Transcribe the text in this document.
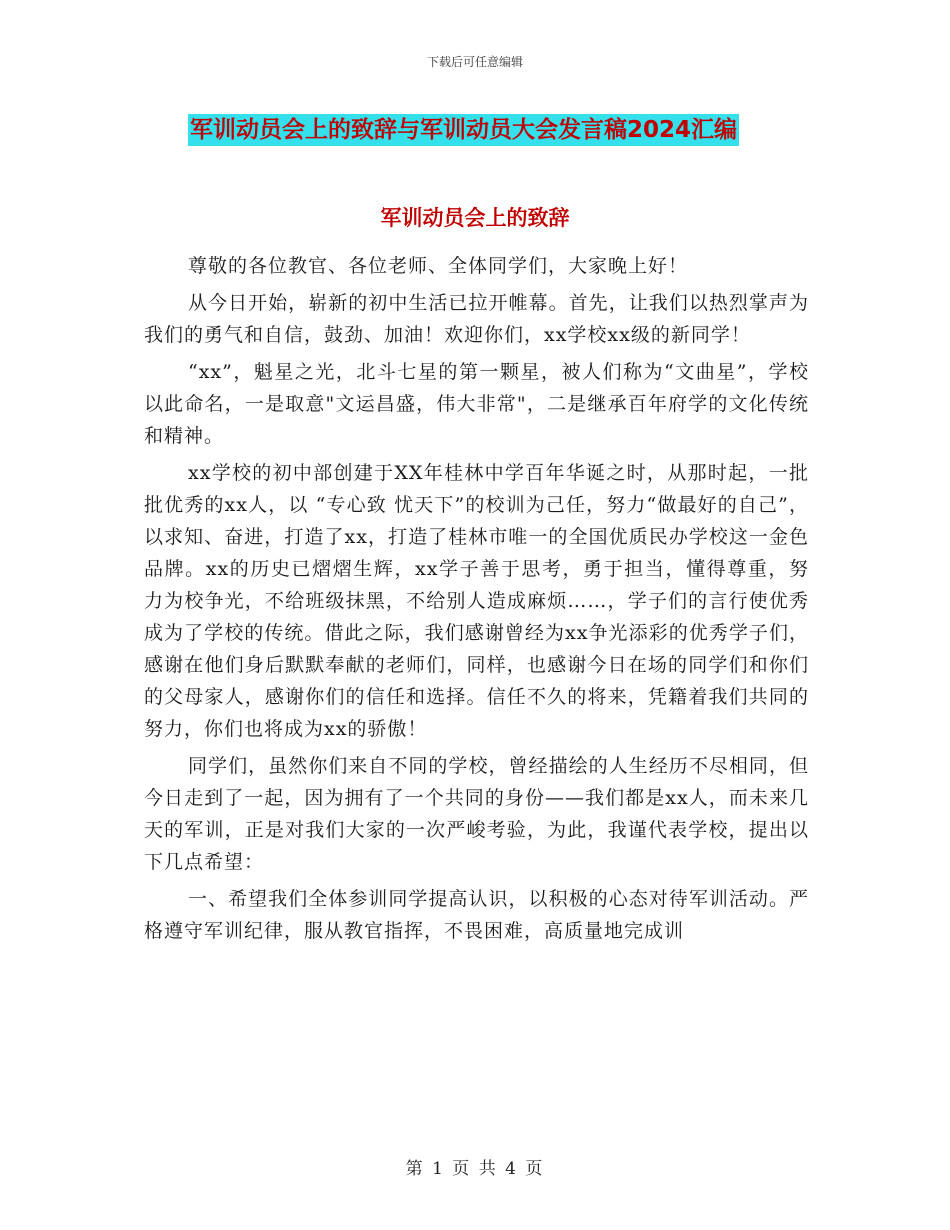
下载后可任意编辑
军训动员会上的致辞与军训动员大会发言稿2024汇编
军训动员会上的致辞

尊敬的各位教官、各位老师、全体同学们，大家晚上好！

从今日开始，崭新的初中生活已拉开帷幕。首先，让我们以热烈掌声为我们的勇气和自信，鼓劲、加油！欢迎你们，xx学校xx级的新同学！

“xx”，魁星之光，北斗七星的第一颗星，被人们称为“文曲星”，学校以此命名，一是取意"文运昌盛，伟大非常"，二是继承百年府学的文化传统和精神。

xx学校的初中部创建于XX年桂林中学百年华诞之时，从那时起，一批批优秀的xx人，以 “专心致 忧天下”的校训为己任，努力“做最好的自己”，以求知、奋进，打造了xx，打造了桂林市唯一的全国优质民办学校这一金色品牌。xx的历史已熠熠生辉，xx学子善于思考，勇于担当，懂得尊重，努力为校争光，不给班级抹黑，不给别人造成麻烦……，学子们的言行使优秀成为了学校的传统。借此之际，我们感谢曾经为xx争光添彩的优秀学子们，感谢在他们身后默默奉献的老师们，同样，也感谢今日在场的同学们和你们的父母家人，感谢你们的信任和选择。信任不久的将来，凭籍着我们共同的努力，你们也将成为xx的骄傲！

同学们，虽然你们来自不同的学校，曾经描绘的人生经历不尽相同，但今日走到了一起，因为拥有了一个共同的身份——我们都是xx人，而未来几天的军训，正是对我们大家的一次严峻考验，为此，我谨代表学校，提出以下几点希望：

一、希望我们全体参训同学提高认识，以积极的心态对待军训活动。严格遵守军训纪律，服从教官指挥，不畏困难，高质量地完成训

第 1 页 共 4 页
